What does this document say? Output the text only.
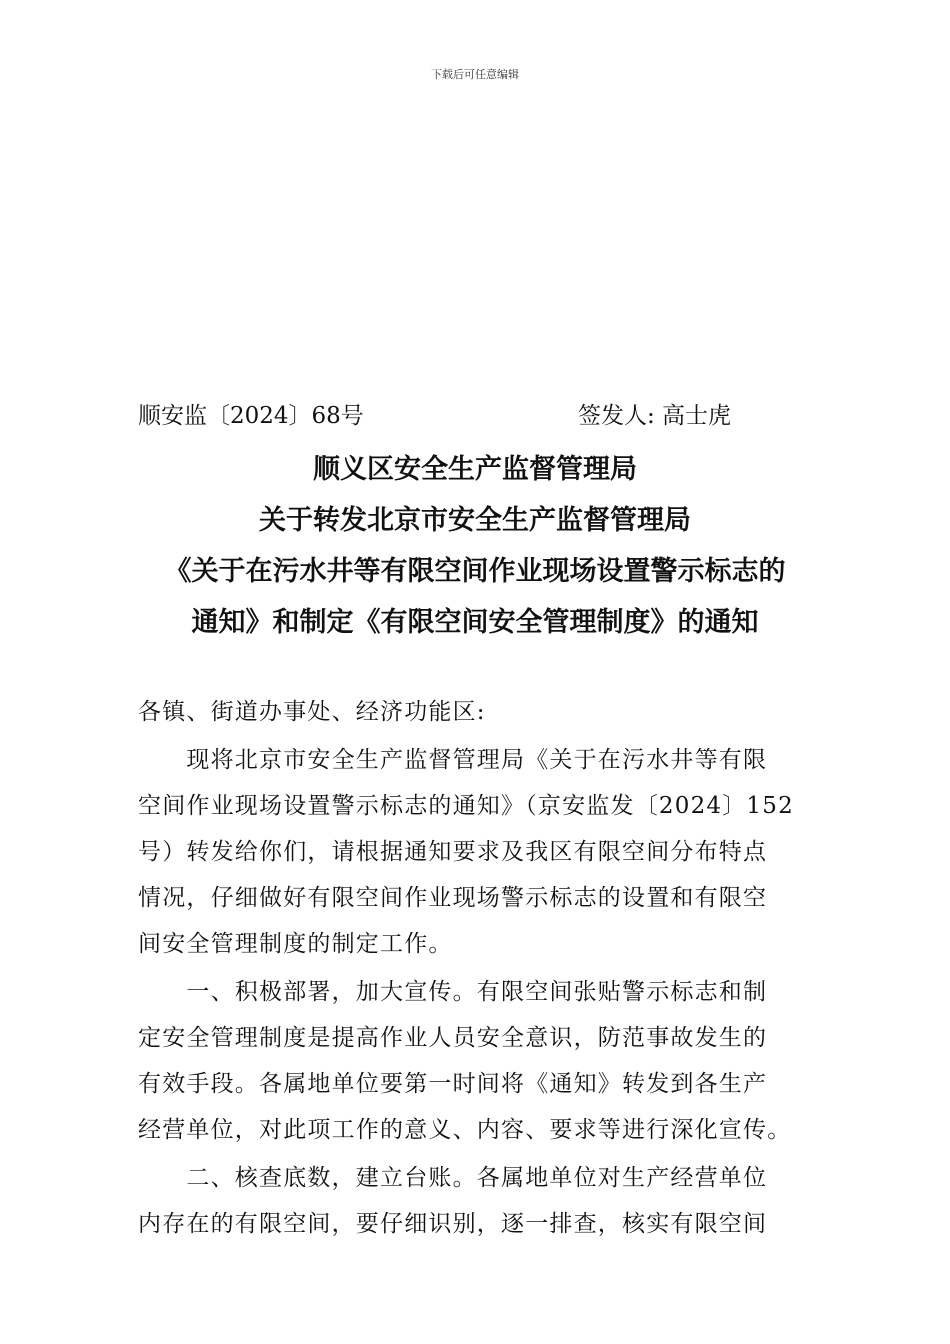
下载后可任意编辑
顺安监〔2024〕68号	签发人: 高士虎
顺义区安全生产监督管理局
关于转发北京市安全生产监督管理局
《关于在污水井等有限空间作业现场设置警示标志的
通知》和制定《有限空间安全管理制度》的通知
各镇、街道办事处、经济功能区:
　　现将北京市安全生产监督管理局《关于在污水井等有限
空间作业现场设置警示标志的通知》（京安监发〔2024〕152
号）转发给你们，请根据通知要求及我区有限空间分布特点
情况，仔细做好有限空间作业现场警示标志的设置和有限空
间安全管理制度的制定工作。
　　一、积极部署，加大宣传。有限空间张贴警示标志和制
定安全管理制度是提高作业人员安全意识，防范事故发生的
有效手段。各属地单位要第一时间将《通知》转发到各生产
经营单位，对此项工作的意义、内容、要求等进行深化宣传。
　　二、核查底数，建立台账。各属地单位对生产经营单位
内存在的有限空间，要仔细识别，逐一排查，核实有限空间
